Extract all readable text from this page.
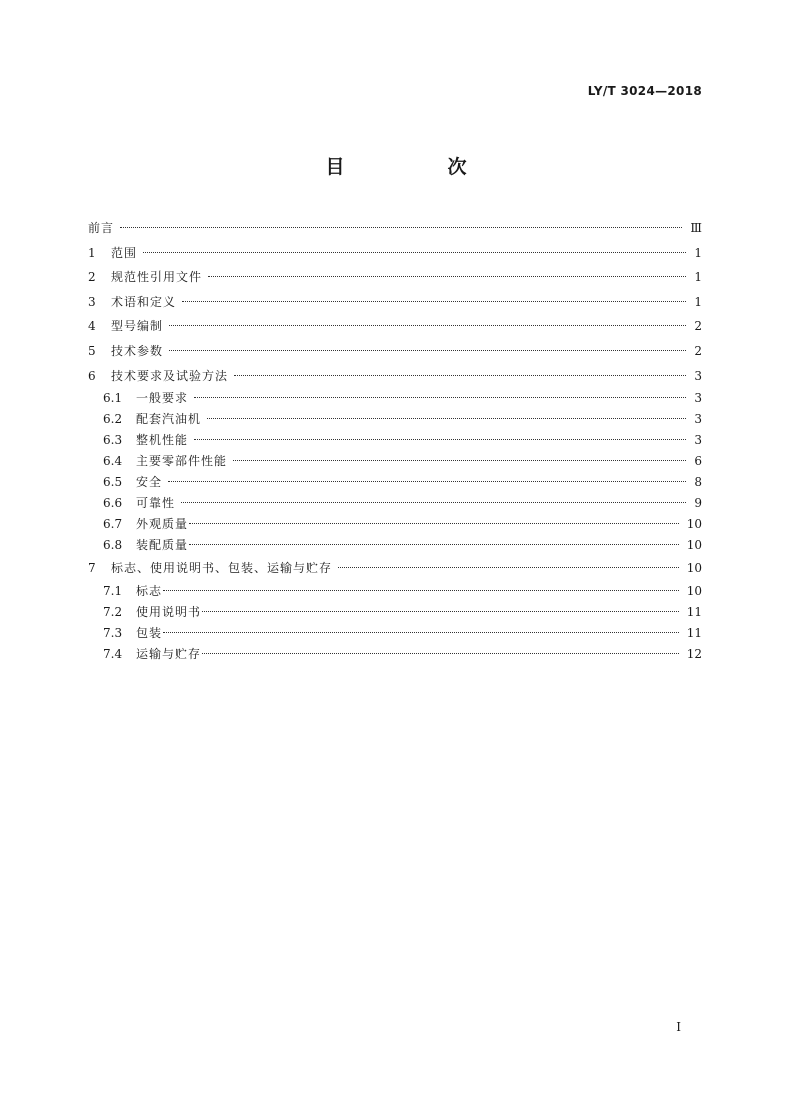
LY/T 3024—2018
目　次
前言	Ⅲ
1	范围	1
2	规范性引用文件	1
3	术语和定义	1
4	型号编制	2
5	技术参数	2
6	技术要求及试验方法	3
6.1	一般要求	3
6.2	配套汽油机	3
6.3	整机性能	3
6.4	主要零部件性能	6
6.5	安全	8
6.6	可靠性	9
6.7	外观质量	10
6.8	装配质量	10
7	标志、使用说明书、包装、运输与贮存	10
7.1	标志	10
7.2	使用说明书	11
7.3	包装	11
7.4	运输与贮存	12
I
